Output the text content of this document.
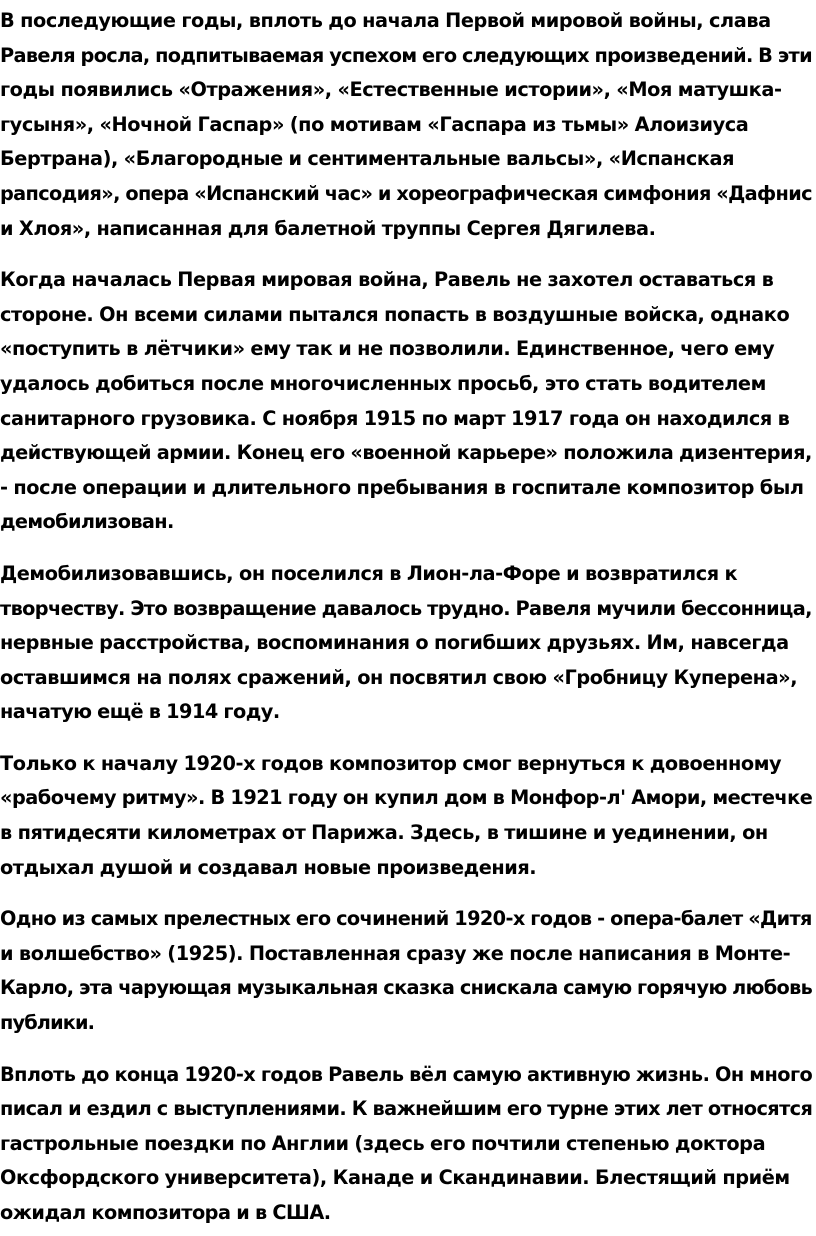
В последующие годы, вплоть до начала Первой мировой войны, слава
Равеля росла, подпитываемая успехом его следующих произведений. В эти
годы появились «Отражения», «Естественные истории», «Моя матушка-
гусыня», «Ночной Гаспар» (по мотивам «Гаспара из тьмы» Алоизиуса
Бертрана), «Благородные и сентиментальные вальсы», «Испанская
рапсодия», опера «Испанский час» и хореографическая симфония «Дафнис
и Хлоя», написанная для балетной труппы Сергея Дягилева.
Когда началась Первая мировая война, Равель не захотел оставаться в
стороне. Он всеми силами пытался попасть в воздушные войска, однако
«поступить в лётчики» ему так и не позволили. Единственное, чего ему
удалось добиться после многочисленных просьб, это стать водителем
санитарного грузовика. С ноября 1915 по март 1917 года он находился в
действующей армии. Конец его «военной карьере» положила дизентерия,
- после операции и длительного пребывания в госпитале композитор был
демобилизован.
Демобилизовавшись, он поселился в Лион-ла-Форе и возвратился к
творчеству. Это возвращение давалось трудно. Равеля мучили бессонница,
нервные расстройства, воспоминания о погибших друзьях. Им, навсегда
оставшимся на полях сражений, он посвятил свою «Гробницу Куперена»,
начатую ещё в 1914 году.
Только к началу 1920-х годов композитор смог вернуться к довоенному
«рабочему ритму». В 1921 году он купил дом в Монфор-л' Амори, местечке
в пятидесяти километрах от Парижа. Здесь, в тишине и уединении, он
отдыхал душой и создавал новые произведения.
Одно из самых прелестных его сочинений 1920-х годов - опера-балет «Дитя
и волшебство» (1925). Поставленная сразу же после написания в Монте-
Карло, эта чарующая музыкальная сказка снискала самую горячую любовь
публики.
Вплоть до конца 1920-х годов Равель вёл самую активную жизнь. Он много
писал и ездил с выступлениями. К важнейшим его турне этих лет относятся
гастрольные поездки по Англии (здесь его почтили степенью доктора
Оксфордского университета), Канаде и Скандинавии. Блестящий приём
ожидал композитора и в США.
